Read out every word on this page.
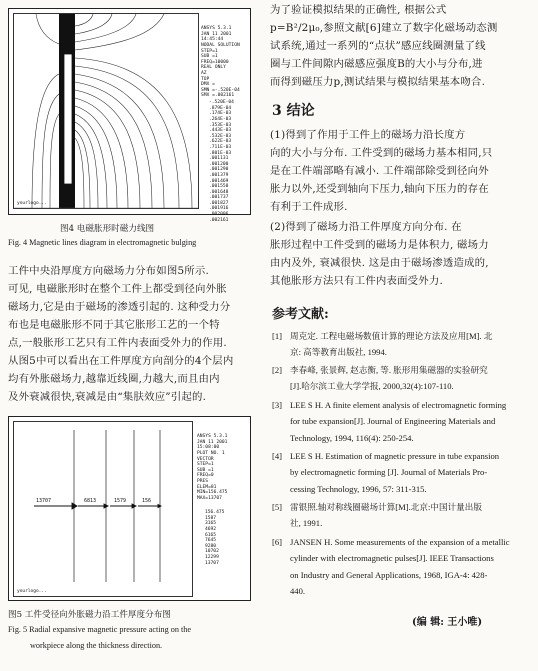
yourlogo...

ANSYS 5.3.1
JAN 11 2001
14:45:44
NODAL SOLUTION
STEP=1
SUB =1
FREQ=10000
REAL ONLY
AZ
TOP
DMX =
SMN =-.520E-04
SMX =.002161

-.520E-04
.879E-04
.174E-03
.264E-03
.353E-03
.443E-03
.532E-03
.622E-03
.711E-03
.801E-03
.001131
.001200
.001290
.001379
.001469
.001558
.001648
.001737
.001827
.001916
.002006
.002161

图4 电磁胀形时磁力线图
Fig. 4 Magnetic lines diagram in electromagnetic bulging
工件中央沿厚度方向磁场力分布如图5所示.
可见, 电磁胀形时在整个工件上都受到径向外胀
磁场力,它是由于磁场的渗透引起的. 这种受力分
布也是电磁胀形不同于其它胀形工艺的一个特
点,一般胀形工艺只有工件内表面受外力的作用.
从图5中可以看出在工件厚度方向剖分的4个层内
均有外胀磁场力,越靠近线圈,力越大,而且由内
及外衰减很快,衰减是由“集肤效应”引起的.
13707	6813	1579	156
yourlogo...

ANSYS 5.3.1
JAN 11 2001
15:08:00
PLOT NO. 1
VECTOR
STEP=1
SUB =1
FREQ=0
PRES
ELEM=81
MIN=156.475
MAX=13707

156.475
1587
3165
4692
6165
7645
9280
10702
12299
13707

图5 工件受径向外胀磁力沿工件厚度分布图
Fig. 5 Radial expansive magnetic pressure acting on the
workpiece along the thickness direction.
为了验证模拟结果的正确性, 根据公式
p=B²/2μ₀,参照文献[6]建立了数字化磁场动态测
试系统,通过一系列的“点状”感应线圈测量了线
圈与工件间隙内磁感应强度B的大小与分布,进
而得到磁压力p,测试结果与模拟结果基本吻合.
3 结论
(1)得到了作用于工件上的磁场力沿长度方
向的大小与分布. 工件受到的磁场力基本相同,只
是在工件端部略有减小. 工件端部除受到径向外
胀力以外,还受到轴向下压力,轴向下压力的存在
有利于工件成形.
(2)得到了磁场力沿工件厚度方向分布. 在
胀形过程中工件受到的磁场力是体积力, 磁场力
由内及外, 衰减很快. 这是由于磁场渗透造成的,
其他胀形方法只有工件内表面受外力.
参考文献:
[1] 周克定. 工程电磁场数值计算的理论方法及应用[M]. 北
京: 高等教育出版社, 1994.
[2] 李春峰, 张景辉, 赵志衡, 等. 胀形用集磁器的实验研究
[J].哈尔滨工业大学学报, 2000,32(4):107-110.
[3] LEE S H. A finite element analysis of electromagnetic forming
for tube expansion[J]. Journal of Engineering Materials and
Technology, 1994, 116(4): 250-254.
[4] LEE S H. Estimation of magnetic pressure in tube expansion
by electromagnetic forming [J]. Journal of Materials Pro-
cessing Technology, 1996, 57: 311-315.
[5] 雷银照.轴对称线圈磁场计算[M].北京:中国计量出版
社, 1991.
[6] JANSEN H. Some measurements of the expansion of a metallic
cylinder with electromagnetic pulses[J]. IEEE Transactions
on Industry and General Applications, 1968, IGA-4: 428-
440.
(编 辑: 王小唯)
